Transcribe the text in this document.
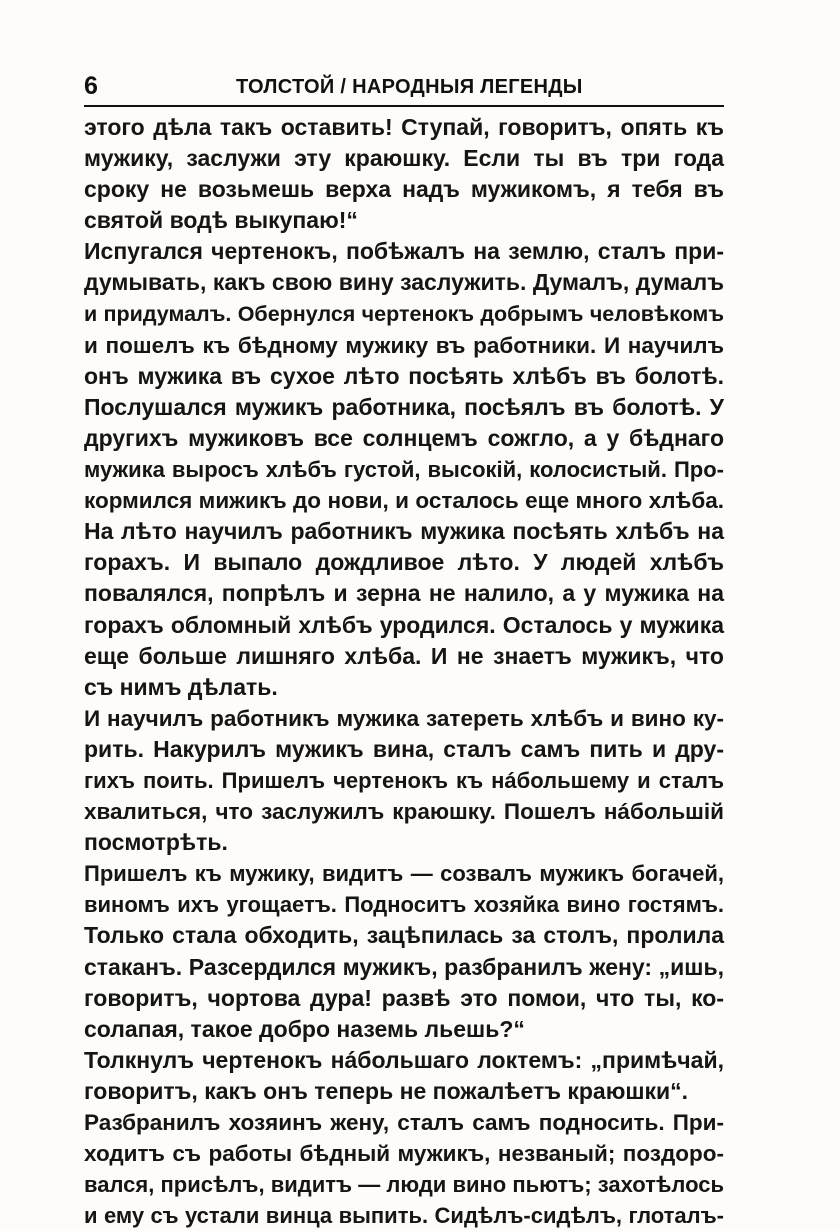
6	ТОЛСТОЙ / НАРОДНЫЯ ЛЕГЕНДЫ
этого дѣла такъ оставить! Ступай, говоритъ, опять къ
мужику, заслужи эту краюшку. Если ты въ три года
сроку не возьмешь верха надъ мужикомъ, я тебя въ
святой водѣ выкупаю!“
Испугался чертенокъ, побѣжалъ на землю, сталъ при-
думывать, какъ свою вину заслужить. Думалъ, думалъ
и придумалъ. Обернулся чертенокъ добрымъ человѣкомъ
и пошелъ къ бѣдному мужику въ работники. И научилъ
онъ мужика въ сухое лѣто посѣять хлѣбъ въ болотѣ.
Послушался мужикъ работника, посѣялъ въ болотѣ. У
другихъ мужиковъ все солнцемъ сожгло, а у бѣднаго
мужика выросъ хлѣбъ густой, высокій, колосистый. Про-
кормился мижикъ до нови, и осталось еще много хлѣба.
На лѣто научилъ работникъ мужика посѣять хлѣбъ на
горахъ. И выпало дождливое лѣто. У людей хлѣбъ
повалялся, попрѣлъ и зерна не налило, а у мужика на
горахъ обломный хлѣбъ уродился. Осталось у мужика
еще больше лишняго хлѣба. И не знаетъ мужикъ, что
съ нимъ дѣлать.
И научилъ работникъ мужика затереть хлѣбъ и вино ку-
рить. Накурилъ мужикъ вина, сталъ самъ пить и дру-
гихъ поить. Пришелъ чертенокъ къ нáбольшему и сталъ
хвалиться, что заслужилъ краюшку. Пошелъ нáбольшій
посмотрѣть.
Пришелъ къ мужику, видитъ — созвалъ мужикъ богачей,
виномъ ихъ угощаетъ. Подноситъ хозяйка вино гостямъ.
Только стала обходить, зацѣпилась за столъ, пролила
стаканъ. Разсердился мужикъ, разбранилъ жену: „ишь,
говоритъ, чортова дура! развѣ это помои, что ты, ко-
солапая, такое добро наземь льешь?“
Толкнулъ чертенокъ нáбольшаго локтемъ: „примѣчай,
говоритъ, какъ онъ теперь не пожалѣетъ краюшки“.
Разбранилъ хозяинъ жену, сталъ самъ подносить. При-
ходитъ съ работы бѣдный мужикъ, незваный; поздоро-
вался, присѣлъ, видитъ — люди вино пьютъ; захотѣлось
и ему съ устали винца выпить. Сидѣлъ-сидѣлъ, глоталъ-
